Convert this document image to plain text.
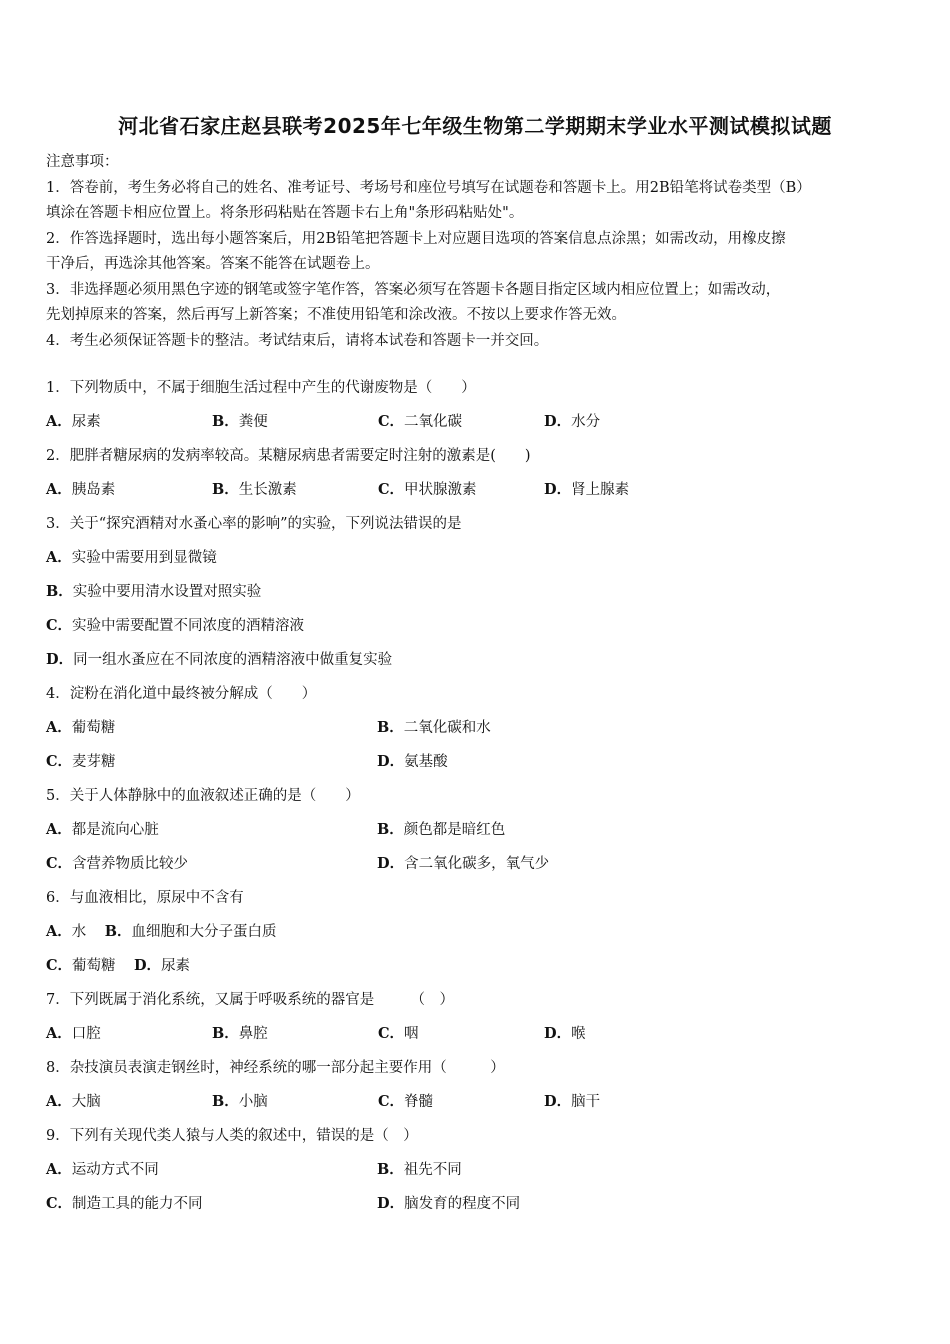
河北省石家庄赵县联考2025年七年级生物第二学期期末学业水平测试模拟试题

注意事项：

1．答卷前，考生务必将自己的姓名、准考证号、考场号和座位号填写在试题卷和答题卡上。用2B铅笔将试卷类型（B）

填涂在答题卡相应位置上。将条形码粘贴在答题卡右上角"条形码粘贴处"。

2．作答选择题时，选出每小题答案后，用2B铅笔把答题卡上对应题目选项的答案信息点涂黑；如需改动，用橡皮擦

干净后，再选涂其他答案。答案不能答在试题卷上。

3．非选择题必须用黑色字迹的钢笔或签字笔作答，答案必须写在答题卡各题目指定区域内相应位置上；如需改动，

先划掉原来的答案，然后再写上新答案；不准使用铅笔和涂改液。不按以上要求作答无效。

4．考生必须保证答题卡的整洁。考试结束后，请将本试卷和答题卡一并交回。

1．下列物质中，不属于细胞生活过程中产生的代谢废物是（　　）
A．尿素	B．粪便	C．二氧化碳	D．水分
2．肥胖者糖尿病的发病率较高。某糖尿病患者需要定时注射的激素是(　　)
A．胰岛素	B．生长激素	C．甲状腺激素	D．肾上腺素
3．关于“探究酒精对水蚤心率的影响”的实验，下列说法错误的是
A．实验中需要用到显微镜
B．实验中要用清水设置对照实验
C．实验中需要配置不同浓度的酒精溶液
D．同一组水蚤应在不同浓度的酒精溶液中做重复实验
4．淀粉在消化道中最终被分解成（　　）
A．葡萄糖	B．二氧化碳和水
C．麦芽糖	D．氨基酸
5．关于人体静脉中的血液叙述正确的是（　　）
A．都是流向心脏	B．颜色都是暗红色
C．含营养物质比较少	D．含二氧化碳多，氧气少
6．与血液相比，原尿中不含有
A．水 B．血细胞和大分子蛋白质
C．葡萄糖 D．尿素
7．下列既属于消化系统，又属于呼吸系统的器官是　　　（　）
A．口腔	B．鼻腔	C．咽	D．喉
8．杂技演员表演走钢丝时，神经系统的哪一部分起主要作用（　　　）
A．大脑	B．小脑	C．脊髓	D．脑干
9．下列有关现代类人猿与人类的叙述中，错误的是（　）
A．运动方式不同	B．祖先不同
C．制造工具的能力不同	D．脑发育的程度不同
